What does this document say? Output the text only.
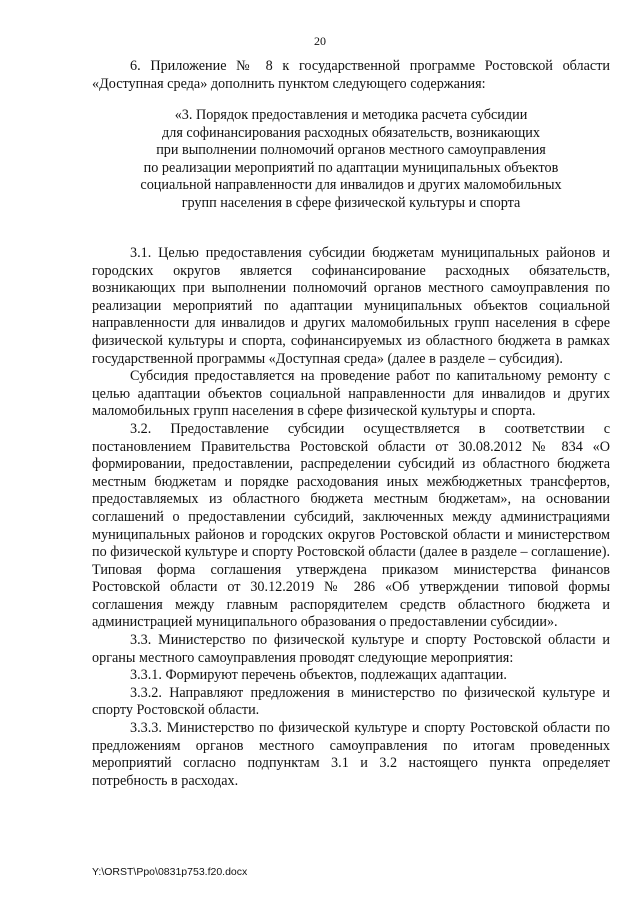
20

6. Приложение № 8 к государственной программе Ростовской области «Доступная среда» дополнить пунктом следующего содержания:

«3. Порядок предоставления и методика расчета субсидии
для софинансирования расходных обязательств, возникающих
при выполнении полномочий органов местного самоуправления
по реализации мероприятий по адаптации муниципальных объектов
социальной направленности для инвалидов и других маломобильных
групп населения в сфере физической культуры и спорта

3.1. Целью предоставления субсидии бюджетам муниципальных районов и городских округов является софинансирование расходных обязательств, возникающих при выполнении полномочий органов местного самоуправления по реализации мероприятий по адаптации муниципальных объектов социальной направленности для инвалидов и других маломобильных групп населения в сфере физической культуры и спорта, софинансируемых из областного бюджета в рамках государственной программы «Доступная среда» (далее в разделе – субсидия).

Субсидия предоставляется на проведение работ по капитальному ремонту с целью адаптации объектов социальной направленности для инвалидов и других маломобильных групп населения в сфере физической культуры и спорта.

3.2. Предоставление субсидии осуществляется в соответствии с постановлением Правительства Ростовской области от 30.08.2012 № 834 «О формировании, предоставлении, распределении субсидий из областного бюджета местным бюджетам и порядке расходования иных межбюджетных трансфертов, предоставляемых из областного бюджета местным бюджетам», на основании соглашений о предоставлении субсидий, заключенных между администрациями муниципальных районов и городских округов Ростовской области и министерством по физической культуре и спорту Ростовской области (далее в разделе – соглашение). Типовая форма соглашения утверждена приказом министерства финансов Ростовской области от 30.12.2019 № 286 «Об утверждении типовой формы соглашения между главным распорядителем средств областного бюджета и администрацией муниципального образования о предоставлении субсидии».

3.3. Министерство по физической культуре и спорту Ростовской области и органы местного самоуправления проводят следующие мероприятия:

3.3.1. Формируют перечень объектов, подлежащих адаптации.

3.3.2. Направляют предложения в министерство по физической культуре и спорту Ростовской области.

3.3.3. Министерство по физической культуре и спорту Ростовской области по предложениям органов местного самоуправления по итогам проведенных мероприятий согласно подпунктам 3.1 и 3.2 настоящего пункта определяет потребность в расходах.

Y:\ORST\Ppo\0831p753.f20.docx
